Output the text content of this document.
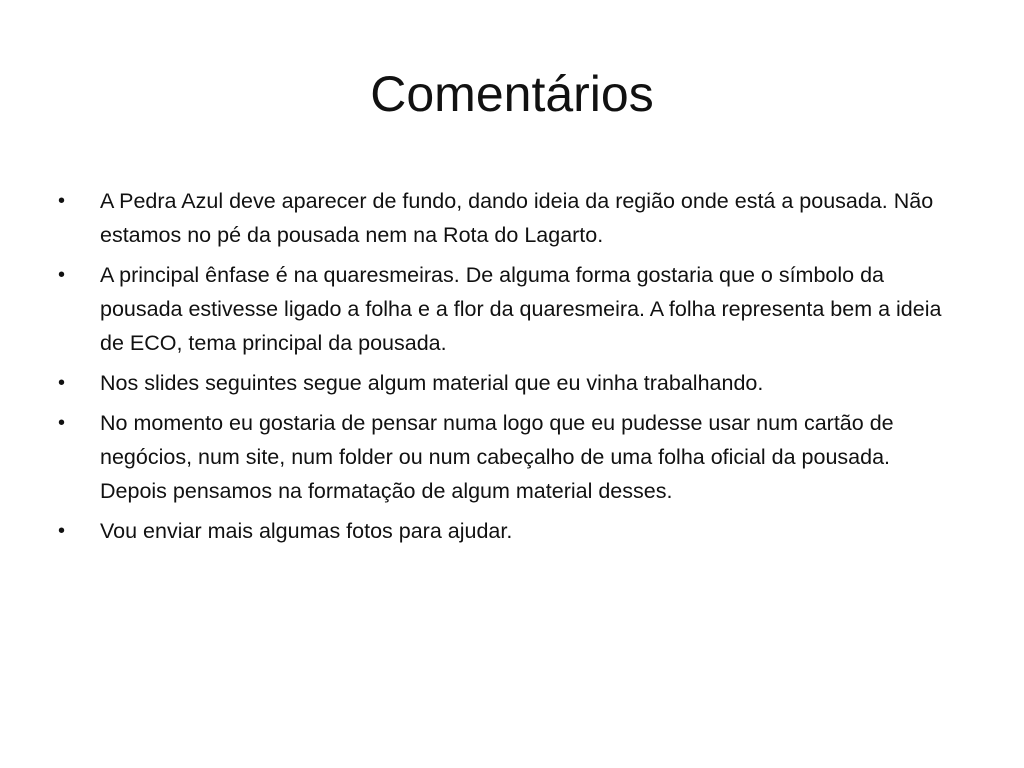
Comentários
•	A Pedra Azul deve aparecer de fundo, dando ideia da região onde está a pousada. Não estamos no pé da pousada nem na Rota do Lagarto.
•	A principal ênfase é na quaresmeiras. De alguma forma gostaria que o símbolo da pousada estivesse ligado a folha e a flor da quaresmeira. A folha representa bem a ideia de ECO, tema principal da pousada.
•	Nos slides seguintes segue algum material que eu vinha trabalhando.
•	No momento eu gostaria de pensar numa logo que eu pudesse usar num cartão de negócios, num site, num folder ou num cabeçalho de uma folha oficial da pousada. Depois pensamos na formatação de algum material desses.
•	Vou enviar mais algumas fotos para ajudar.
